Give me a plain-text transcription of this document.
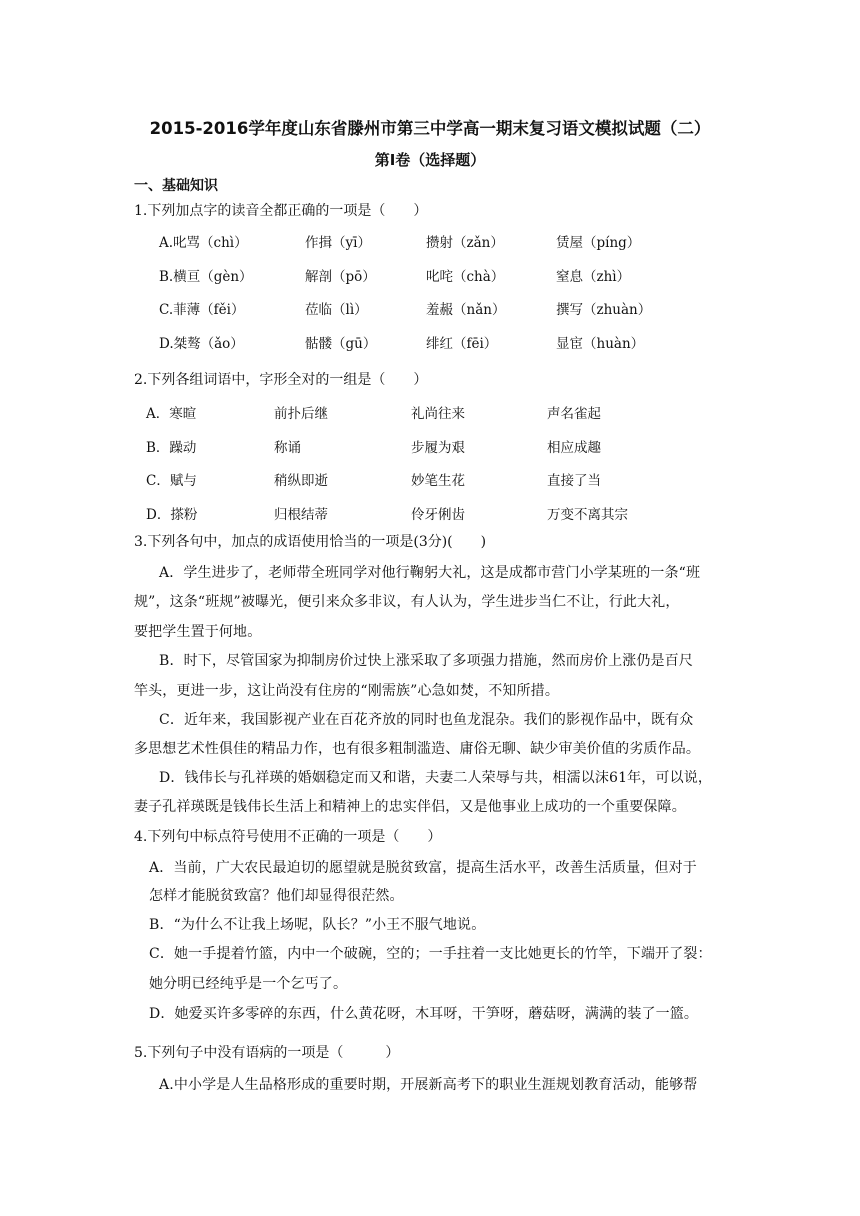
2015-2016学年度山东省滕州市第三中学高一期末复习语文模拟试题（二）
第Ⅰ卷（选择题）
一、基础知识
1.下列加点字的读音全都正确的一项是（　　）
A.叱骂（chì）	作揖（yī）	攒射（zǎn）	赁屋（píng）
B.横亘（gèn）	解剖（pō）	叱咤（chà）	窒息（zhì）
C.菲薄（fěi）	莅临（lì）	羞赧（nǎn）	撰写（zhuàn）
D.桀骜（ǎo）	骷髅（gū）	绯红（fēi）	显宦（huàn）
2.下列各组词语中，字形全对的一组是（　　）
A．寒暄	前扑后继	礼尚往来	声名雀起
B．躁动	称诵	步履为艰	相应成趣
C．赋与	稍纵即逝	妙笔生花	直接了当
D．搽粉	归根结蒂	伶牙俐齿	万变不离其宗
3.下列各句中，加点的成语使用恰当的一项是(3分)(　　)
A．学生进步了，老师带全班同学对他行鞠躬大礼，这是成都市营门小学某班的一条“班
规”，这条“班规”被曝光，便引来众多非议，有人认为，学生进步当仁不让，行此大礼，
要把学生置于何地。
B．时下，尽管国家为抑制房价过快上涨采取了多项强力措施，然而房价上涨仍是百尺
竿头，更进一步，这让尚没有住房的“刚需族”心急如焚，不知所措。
C．近年来，我国影视产业在百花齐放的同时也鱼龙混杂。我们的影视作品中，既有众
多思想艺术性俱佳的精品力作，也有很多粗制滥造、庸俗无聊、缺少审美价值的劣质作品。
D．钱伟长与孔祥瑛的婚姻稳定而又和谐，夫妻二人荣辱与共，相濡以沫61年，可以说，
妻子孔祥瑛既是钱伟长生活上和精神上的忠实伴侣，又是他事业上成功的一个重要保障。
4.下列句中标点符号使用不正确的一项是（　　）
A．当前，广大农民最迫切的愿望就是脱贫致富，提高生活水平，改善生活质量，但对于
怎样才能脱贫致富？他们却显得很茫然。
B．“为什么不让我上场呢，队长？”小王不服气地说。
C．她一手提着竹篮，内中一个破碗，空的；一手拄着一支比她更长的竹竿，下端开了裂：
她分明已经纯乎是一个乞丐了。
D．她爱买许多零碎的东西，什么黄花呀，木耳呀，干笋呀，蘑菇呀，满满的装了一篮。
5.下列句子中没有语病的一项是（　　　）
A.中小学是人生品格形成的重要时期，开展新高考下的职业生涯规划教育活动，能够帮
